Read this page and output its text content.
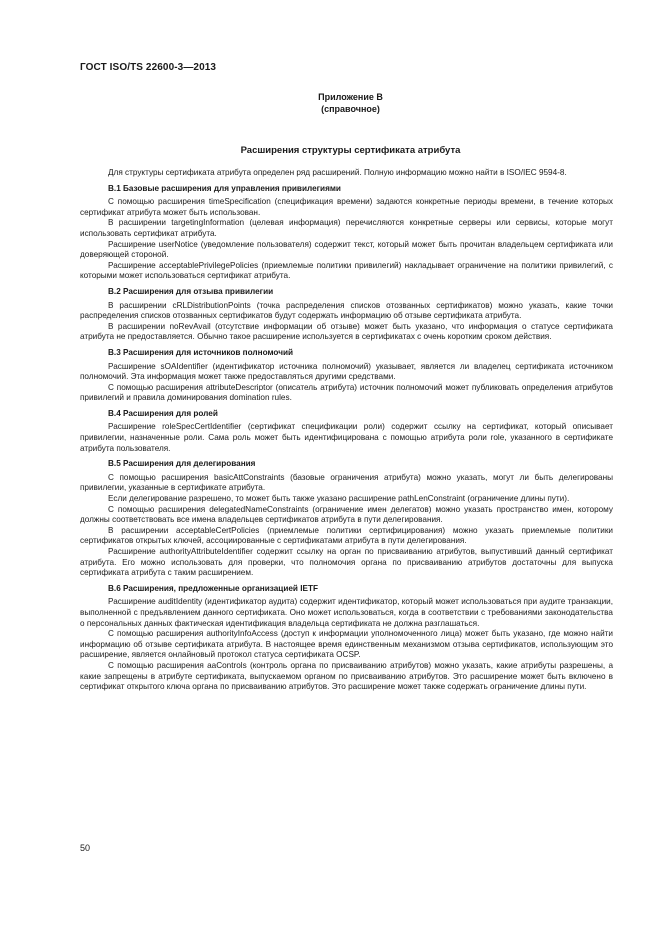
ГОСТ ISO/TS 22600-3—2013
Приложение В
(справочное)
Расширения структуры сертификата атрибута

Для структуры сертификата атрибута определен ряд расширений. Полную информацию можно найти в ISO/IEC 9594-8.

В.1 Базовые расширения для управления привилегиями

С помощью расширения timeSpecification (спецификация времени) задаются конкретные периоды времени, в течение которых сертификат атрибута может быть использован.

В расширении targetingInformation (целевая информация) перечисляются конкретные серверы или сервисы, которые могут использовать сертификат атрибута.

Расширение userNotice (уведомление пользователя) содержит текст, который может быть прочитан владельцем сертификата или доверяющей стороной.

Расширение acceptablePrivilegePolicies (приемлемые политики привилегий) накладывает ограничение на политики привилегий, с которыми может использоваться сертификат атрибута.

В.2 Расширения для отзыва привилегии

В расширении cRLDistributionPoints (точка распределения списков отозванных сертификатов) можно указать, какие точки распределения списков отозванных сертификатов будут содержать информацию об отзыве сертификата атрибута.

В расширении noRevAvail (отсутствие информации об отзыве) может быть указано, что информация о статусе сертификата атрибута не предоставляется. Обычно такое расширение используется в сертификатах с очень коротким сроком действия.

В.3 Расширения для источников полномочий

Расширение sOAIdentifier (идентификатор источника полномочий) указывает, является ли владелец сертификата источником полномочий. Эта информация может также предоставляться другими средствами.

С помощью расширения attributeDescriptor (описатель атрибута) источник полномочий может публиковать определения атрибутов привилегий и правила доминирования domination rules.

В.4 Расширения для ролей

Расширение roleSpecCertIdentifier (сертификат спецификации роли) содержит ссылку на сертификат, который описывает привилегии, назначенные роли. Сама роль может быть идентифицирована с помощью атрибута роли role, указанного в сертификате атрибута пользователя.

В.5 Расширения для делегирования

С помощью расширения basicAttConstraints (базовые ограничения атрибута) можно указать, могут ли быть делегированы привилегии, указанные в сертификате атрибута.

Если делегирование разрешено, то может быть также указано расширение pathLenConstraint (ограничение длины пути).

С помощью расширения delegatedNameConstraints (ограничение имен делегатов) можно указать пространство имен, которому должны соответствовать все имена владельцев сертификатов атрибута в пути делегирования.

В расширении acceptableCertPolicies (приемлемые политики сертифицирования) можно указать приемлемые политики сертификатов открытых ключей, ассоциированные с сертификатами атрибута в пути делегирования.

Расширение authorityAttributeIdentifier содержит ссылку на орган по присваиванию атрибутов, выпустивший данный сертификат атрибута. Его можно использовать для проверки, что полномочия органа по присваиванию атрибутов достаточны для выпуска сертификата атрибута с таким расширением.

В.6 Расширения, предложенные организацией IETF

Расширение auditIdentity (идентификатор аудита) содержит идентификатор, который может использоваться при аудите транзакции, выполненной с предъявлением данного сертификата. Оно может использоваться, когда в соответствии с требованиями законодательства о персональных данных фактическая идентификация владельца сертификата не должна разглашаться.

С помощью расширения authorityInfoAccess (доступ к информации уполномоченного лица) может быть указано, где можно найти информацию об отзыве сертификата атрибута. В настоящее время единственным механизмом отзыва сертификатов, использующим это расширение, является онлайновый протокол статуса сертификата OCSP.

С помощью расширения aaControls (контроль органа по присваиванию атрибутов) можно указать, какие атрибуты разрешены, а какие запрещены в атрибуте сертификата, выпускаемом органом по присваиванию атрибутов. Это расширение может быть включено в сертификат открытого ключа органа по присваиванию атрибутов. Это расширение может также содержать ограничение длины пути.

50
